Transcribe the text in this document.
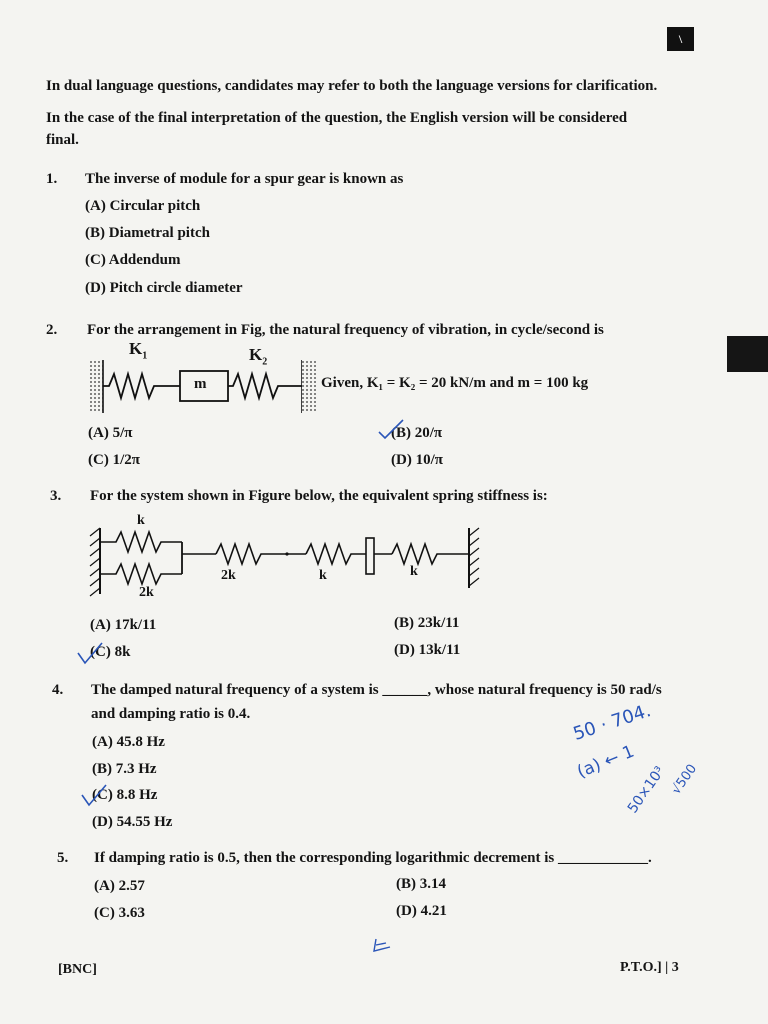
\
In dual language questions, candidates may refer to both the language versions for clarification.
In the case of the final interpretation of the question, the English version will be considered
final.
1. The inverse of module for a spur gear is known as
(A) Circular pitch
(B) Diametral pitch
(C) Addendum
(D) Pitch circle diameter
2. For the arrangement in Fig, the natural frequency of vibration, in cycle/second is
$K_1$	$K_2$
m	Given, K₁ = K₂ = 20 kN/m and m = 100 kg
(A) 5/π	(B) 20/π
(C) 1/2π	(D) 10/π
3. For the system shown in Figure below, the equivalent spring stiffness is:
k
2k
2k	k	k
(A) 17k/11	(B) 23k/11
(C) 8k	(D) 13k/11
4. The damped natural frequency of a system is ______, whose natural frequency is 50 rad/s
and damping ratio is 0.4.
(A) 45.8 Hz
(B) 7.3 Hz
(C) 8.8 Hz
(D) 54.55 Hz
50 · 704.
(a) ← 1
50×10³ √500
5. If damping ratio is 0.5, then the corresponding logarithmic decrement is ____________.
(A) 2.57	(B) 3.14
(C) 3.63	(D) 4.21
[BNC]	P.T.O.] | 3
